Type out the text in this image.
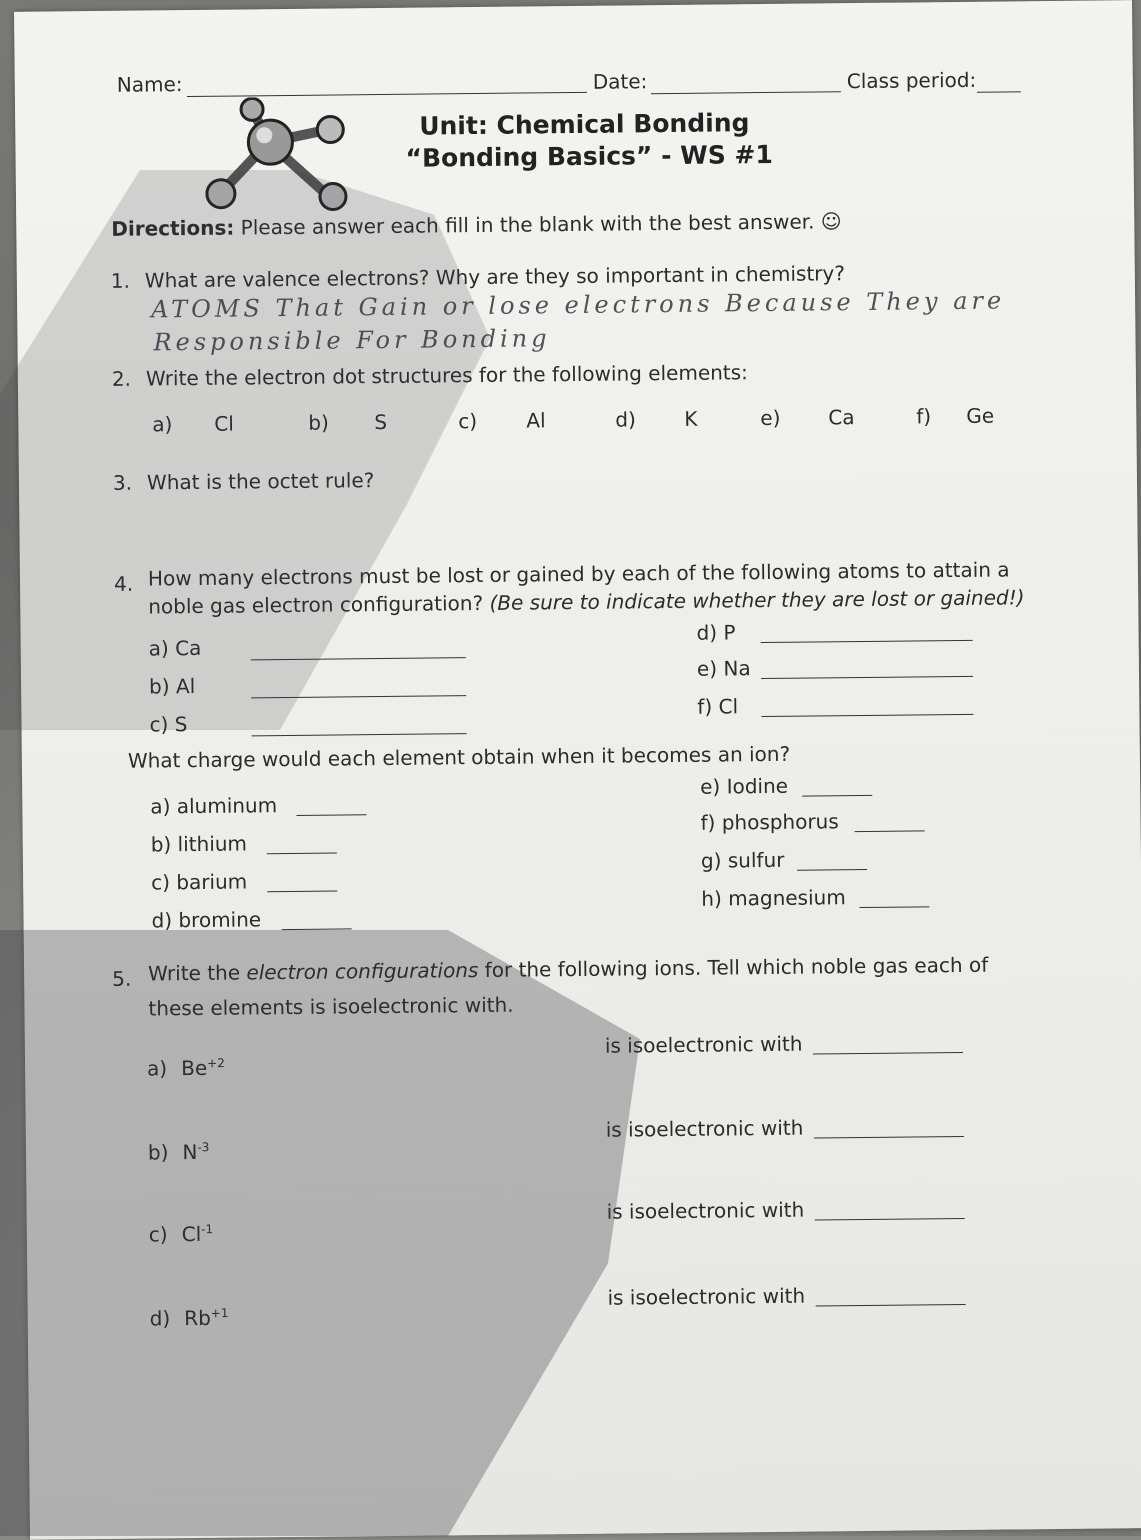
Name:	Date:	Class period:
Unit: Chemical Bonding
“Bonding Basics” - WS #1
Directions: Please answer each fill in the blank with the best answer. ☺
1. What are valence electrons? Why are they so important in chemistry?
ATOMS That Gain or lose electrons Because They are
Responsible For Bonding
2. Write the electron dot structures for the following elements:
a) Cl	b) S	c) Al	d) K	e) Ca	f) Ge
3. What is the octet rule?
4. How many electrons must be lost or gained by each of the following atoms to attain a
noble gas electron configuration? (Be sure to indicate whether they are lost or gained!)
a) Ca
b) Al
c) S
d) P
e) Na
f) Cl
What charge would each element obtain when it becomes an ion?
a) aluminum
b) lithium
c) barium
d) bromine
e) Iodine
f) phosphorus
g) sulfur
h) magnesium
5. Write the electron configurations for the following ions. Tell which noble gas each of
these elements is isoelectronic with.
a) $Be^{+2}$
is isoelectronic with
b) $N^{-3}$
is isoelectronic with
c) $Cl^{-1}$
is isoelectronic with
d) $Rb^{+1}$
is isoelectronic with
